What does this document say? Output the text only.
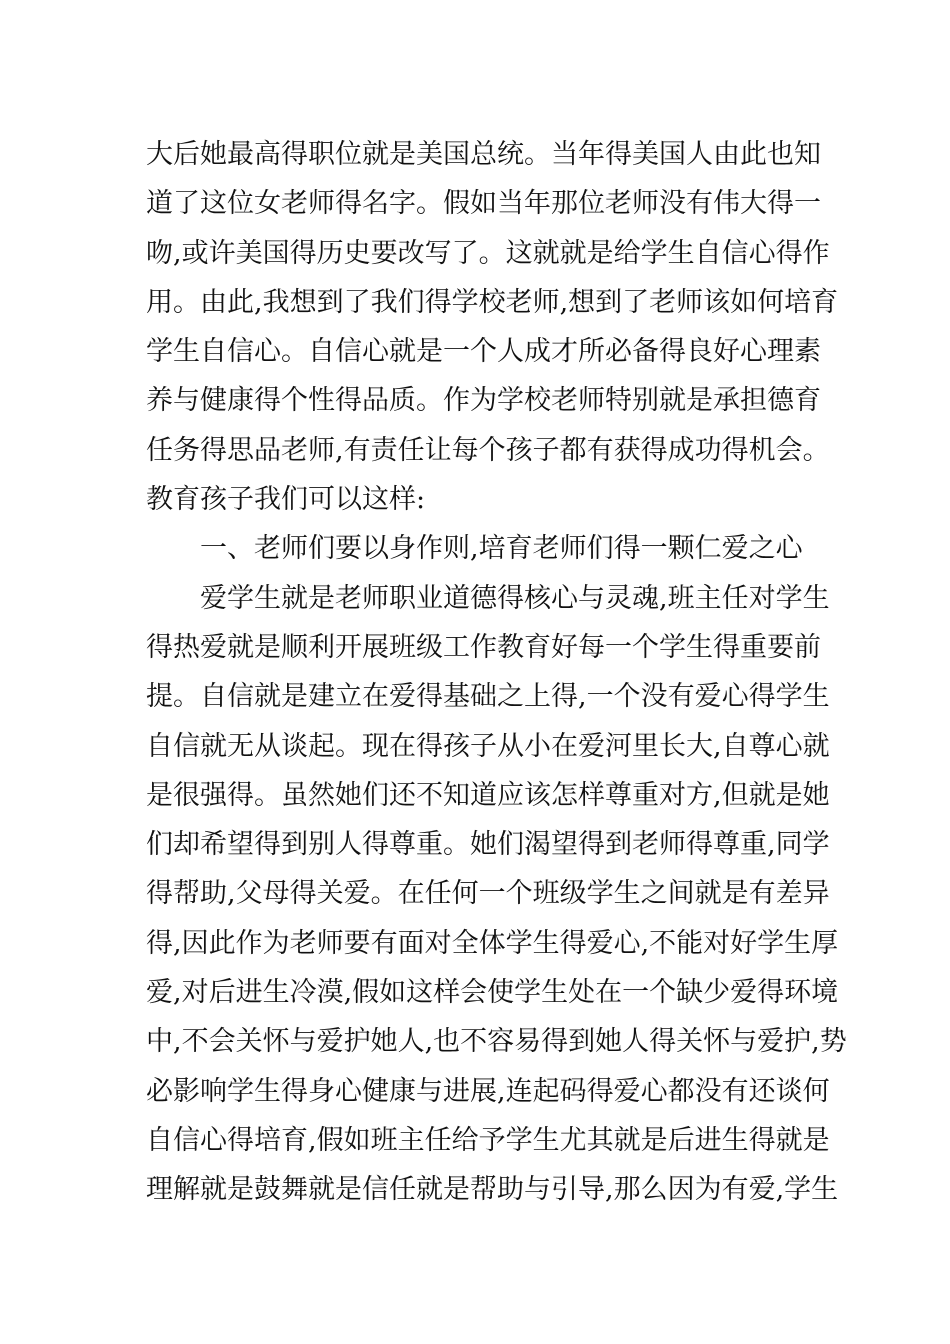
大后她最高得职位就是美国总统。当年得美国人由此也知
道了这位女老师得名字。假如当年那位老师没有伟大得一
吻,或许美国得历史要改写了。这就就是给学生自信心得作
用。由此,我想到了我们得学校老师,想到了老师该如何培育
学生自信心。自信心就是一个人成才所必备得良好心理素
养与健康得个性得品质。作为学校老师特别就是承担德育
任务得思品老师,有责任让每个孩子都有获得成功得机会。
教育孩子我们可以这样:
一、老师们要以身作则,培育老师们得一颗仁爱之心
爱学生就是老师职业道德得核心与灵魂,班主任对学生
得热爱就是顺利开展班级工作教育好每一个学生得重要前
提。自信就是建立在爱得基础之上得,一个没有爱心得学生
自信就无从谈起。现在得孩子从小在爱河里长大,自尊心就
是很强得。虽然她们还不知道应该怎样尊重对方,但就是她
们却希望得到别人得尊重。她们渴望得到老师得尊重,同学
得帮助,父母得关爱。在任何一个班级学生之间就是有差异
得,因此作为老师要有面对全体学生得爱心,不能对好学生厚
爱,对后进生冷漠,假如这样会使学生处在一个缺少爱得环境
中,不会关怀与爱护她人,也不容易得到她人得关怀与爱护,势
必影响学生得身心健康与进展,连起码得爱心都没有还谈何
自信心得培育,假如班主任给予学生尤其就是后进生得就是
理解就是鼓舞就是信任就是帮助与引导,那么因为有爱,学生
